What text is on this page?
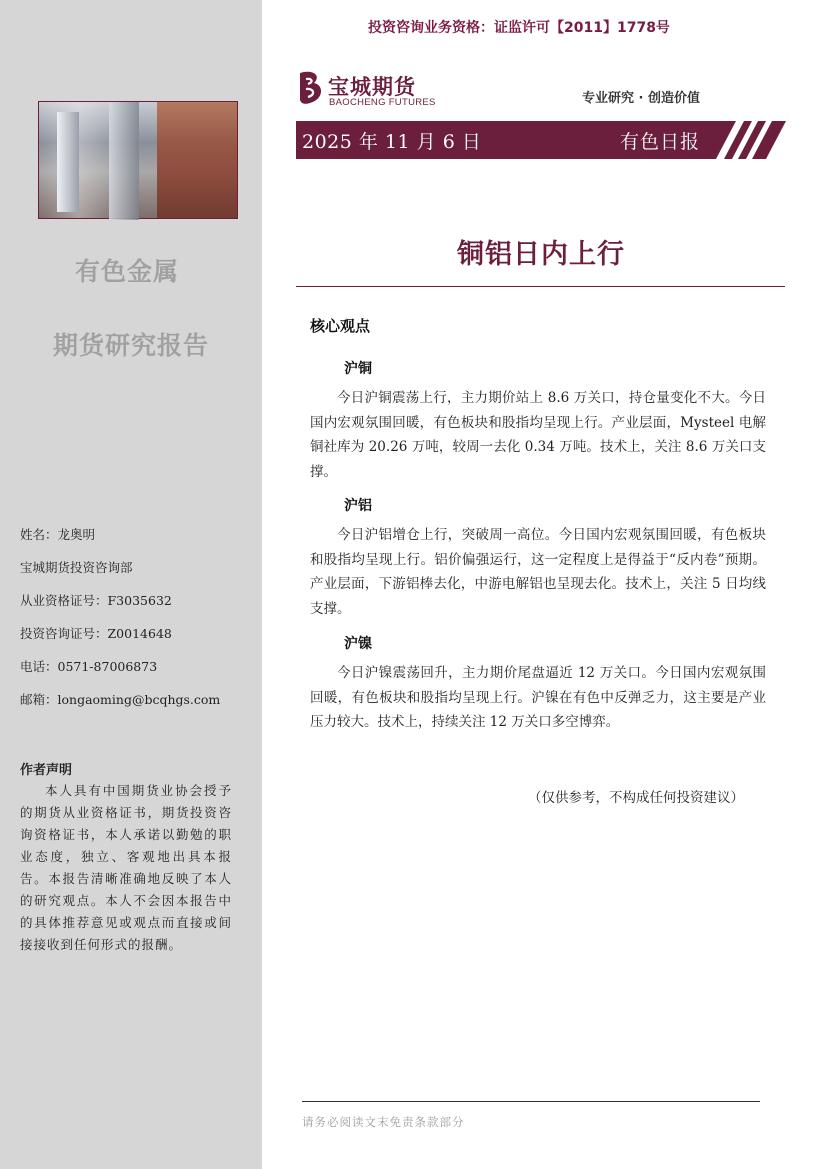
有色金属
期货研究报告
姓名：龙奥明
宝城期货投资咨询部
从业资格证号：F3035632
投资咨询证号：Z0014648
电话：0571-87006873
邮箱：longaoming@bcqhgs.com
作者声明
本人具有中国期货业协会授予的期货从业资格证书，期货投资咨询资格证书，本人承诺以勤勉的职业态度，独立、客观地出具本报告。本报告清晰准确地反映了本人的研究观点。本人不会因本报告中的具体推荐意见或观点而直接或间接接收到任何形式的报酬。
投资咨询业务资格：证监许可【2011】1778号
宝城期货
BAOCHENG FUTURES	专业研究 · 创造价值
2025 年 11 月 6 日	有色日报
铜铝日内上行
核心观点
沪铜
今日沪铜震荡上行，主力期价站上 8.6 万关口，持仓量变化不大。今日国内宏观氛围回暖，有色板块和股指均呈现上行。产业层面，Mysteel 电解铜社库为 20.26 万吨，较周一去化 0.34 万吨。技术上，关注 8.6 万关口支撑。
沪铝
今日沪铝增仓上行，突破周一高位。今日国内宏观氛围回暖，有色板块和股指均呈现上行。铝价偏强运行，这一定程度上是得益于“反内卷”预期。产业层面，下游铝棒去化，中游电解铝也呈现去化。技术上，关注 5 日均线支撑。
沪镍
今日沪镍震荡回升，主力期价尾盘逼近 12 万关口。今日国内宏观氛围回暖，有色板块和股指均呈现上行。沪镍在有色中反弹乏力，这主要是产业压力较大。技术上，持续关注 12 万关口多空博弈。
（仅供参考，不构成任何投资建议）
请务必阅读文末免责条款部分
